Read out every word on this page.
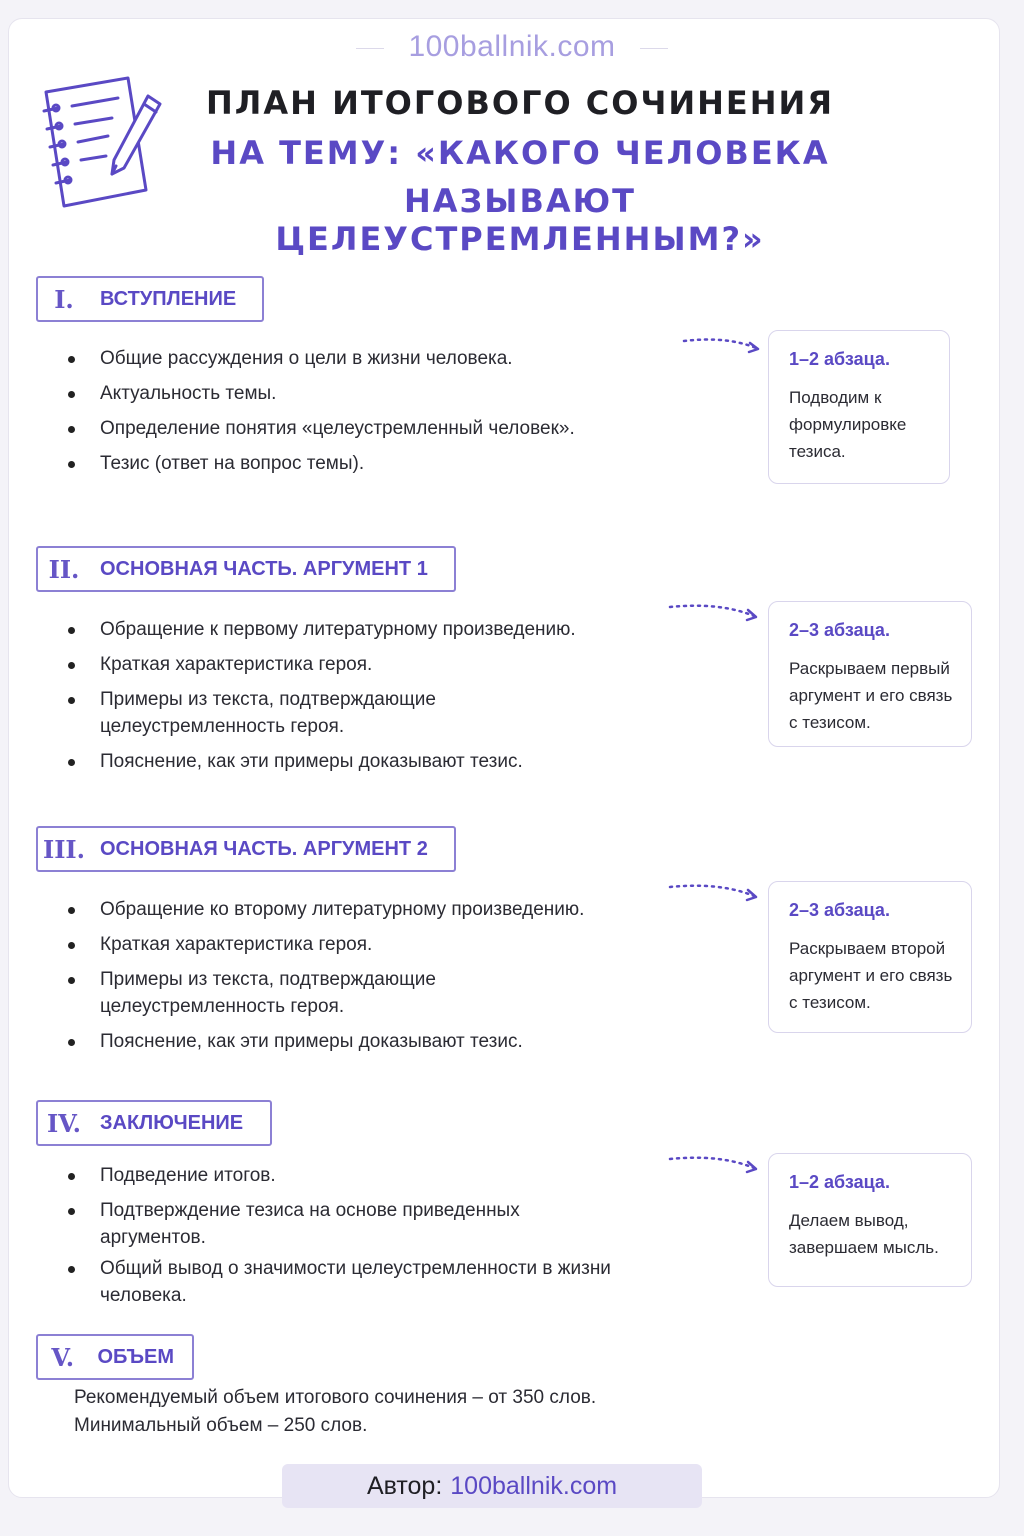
100ballnik.com
ПЛАН ИТОГОВОГО СОЧИНЕНИЯ
НА ТЕМУ: «КАКОГО ЧЕЛОВЕКА
НАЗЫВАЮТ ЦЕЛЕУСТРЕМЛЕННЫМ?»
I.	ВСТУПЛЕНИЕ
Общие рассуждения о цели в жизни человека.
Актуальность темы.
Определение понятия «целеустремленный человек».
Тезис (ответ на вопрос темы).
1–2 абзаца.
Подводим к формулировке тезиса.
II.	ОСНОВНАЯ ЧАСТЬ. АРГУМЕНТ 1
Обращение к первому литературному произведению.
Краткая характеристика героя.
Примеры из текста, подтверждающие целеустремленность героя.
Пояснение, как эти примеры доказывают тезис.
2–3 абзаца.
Раскрываем первый аргумент и его связь с тезисом.
III. ОСНОВНАЯ ЧАСТЬ. АРГУМЕНТ 2
Обращение ко второму литературному произведению.
Краткая характеристика героя.
Примеры из текста, подтверждающие целеустремленность героя.
Пояснение, как эти примеры доказывают тезис.
2–3 абзаца.
Раскрываем второй аргумент и его связь с тезисом.
IV. ЗАКЛЮЧЕНИЕ
Подведение итогов.
Подтверждение тезиса на основе приведенных аргументов.
Общий вывод о значимости целеустремленности в жизни человека.
1–2 абзаца.
Делаем вывод, завершаем мысль.
V.	ОБЪЕМ
Рекомендуемый объем итогового сочинения – от 350 слов.
Минимальный объем – 250 слов.
Автор: 100ballnik.com
